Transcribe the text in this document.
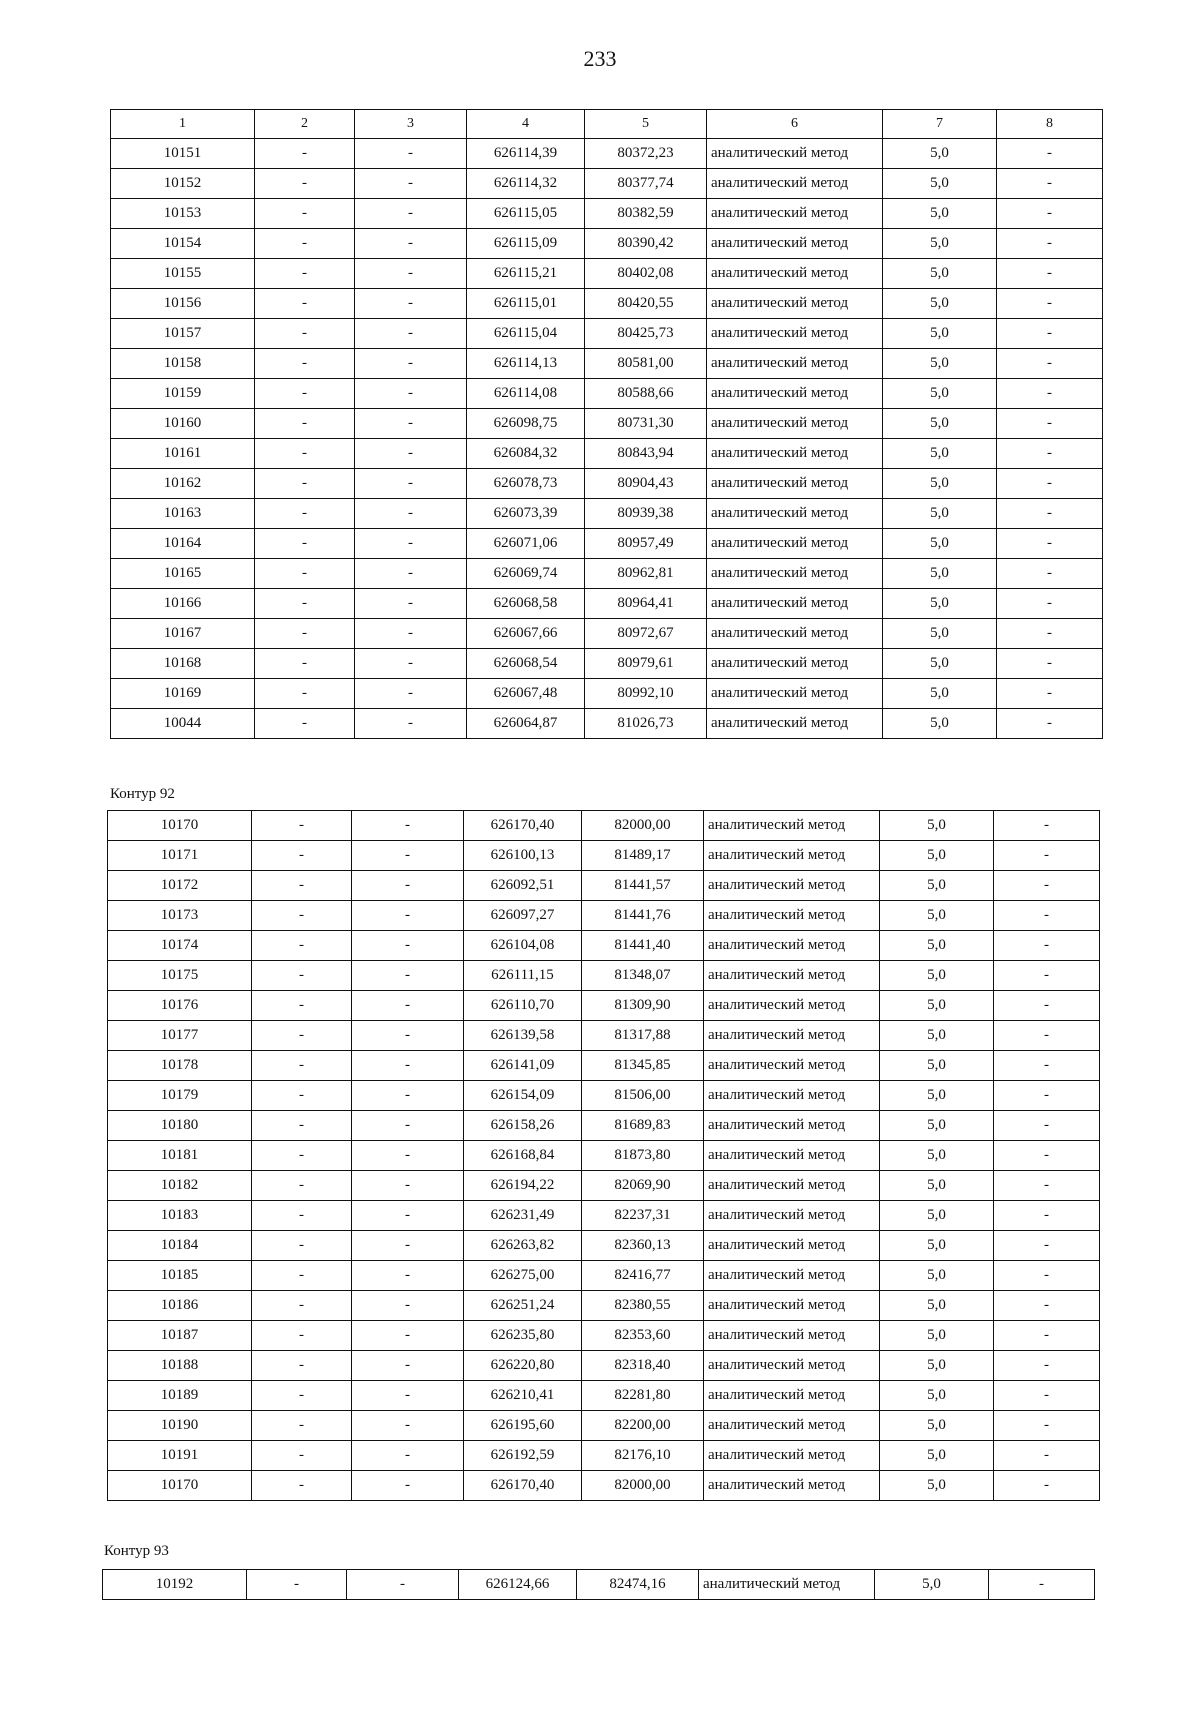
233
1	2	3	4	5	6	7	8
10151	-	-	626114,39	80372,23	аналитический метод	5,0	-
10152	-	-	626114,32	80377,74	аналитический метод	5,0	-
10153	-	-	626115,05	80382,59	аналитический метод	5,0	-
10154	-	-	626115,09	80390,42	аналитический метод	5,0	-
10155	-	-	626115,21	80402,08	аналитический метод	5,0	-
10156	-	-	626115,01	80420,55	аналитический метод	5,0	-
10157	-	-	626115,04	80425,73	аналитический метод	5,0	-
10158	-	-	626114,13	80581,00	аналитический метод	5,0	-
10159	-	-	626114,08	80588,66	аналитический метод	5,0	-
10160	-	-	626098,75	80731,30	аналитический метод	5,0	-
10161	-	-	626084,32	80843,94	аналитический метод	5,0	-
10162	-	-	626078,73	80904,43	аналитический метод	5,0	-
10163	-	-	626073,39	80939,38	аналитический метод	5,0	-
10164	-	-	626071,06	80957,49	аналитический метод	5,0	-
10165	-	-	626069,74	80962,81	аналитический метод	5,0	-
10166	-	-	626068,58	80964,41	аналитический метод	5,0	-
10167	-	-	626067,66	80972,67	аналитический метод	5,0	-
10168	-	-	626068,54	80979,61	аналитический метод	5,0	-
10169	-	-	626067,48	80992,10	аналитический метод	5,0	-
10044	-	-	626064,87	81026,73	аналитический метод	5,0	-
Контур 92
10170	-	-	626170,40	82000,00	аналитический метод	5,0	-
10171	-	-	626100,13	81489,17	аналитический метод	5,0	-
10172	-	-	626092,51	81441,57	аналитический метод	5,0	-
10173	-	-	626097,27	81441,76	аналитический метод	5,0	-
10174	-	-	626104,08	81441,40	аналитический метод	5,0	-
10175	-	-	626111,15	81348,07	аналитический метод	5,0	-
10176	-	-	626110,70	81309,90	аналитический метод	5,0	-
10177	-	-	626139,58	81317,88	аналитический метод	5,0	-
10178	-	-	626141,09	81345,85	аналитический метод	5,0	-
10179	-	-	626154,09	81506,00	аналитический метод	5,0	-
10180	-	-	626158,26	81689,83	аналитический метод	5,0	-
10181	-	-	626168,84	81873,80	аналитический метод	5,0	-
10182	-	-	626194,22	82069,90	аналитический метод	5,0	-
10183	-	-	626231,49	82237,31	аналитический метод	5,0	-
10184	-	-	626263,82	82360,13	аналитический метод	5,0	-
10185	-	-	626275,00	82416,77	аналитический метод	5,0	-
10186	-	-	626251,24	82380,55	аналитический метод	5,0	-
10187	-	-	626235,80	82353,60	аналитический метод	5,0	-
10188	-	-	626220,80	82318,40	аналитический метод	5,0	-
10189	-	-	626210,41	82281,80	аналитический метод	5,0	-
10190	-	-	626195,60	82200,00	аналитический метод	5,0	-
10191	-	-	626192,59	82176,10	аналитический метод	5,0	-
10170	-	-	626170,40	82000,00	аналитический метод	5,0	-
Контур 93
10192	-	-	626124,66	82474,16	аналитический метод	5,0	-
